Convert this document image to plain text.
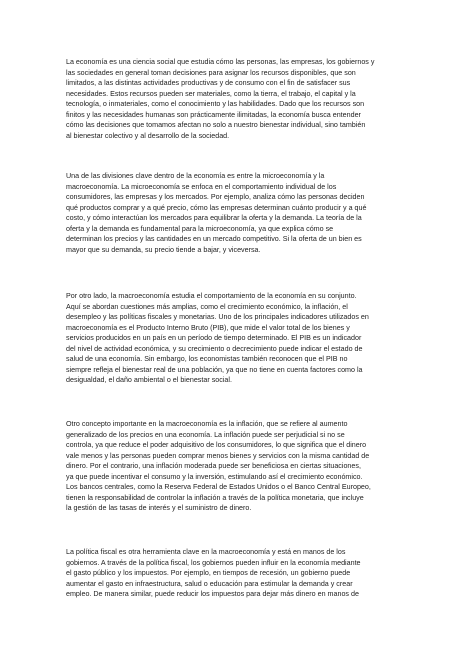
La economía es una ciencia social que estudia cómo las personas, las empresas, los gobiernos y
las sociedades en general toman decisiones para asignar los recursos disponibles, que son
limitados, a las distintas actividades productivas y de consumo con el fin de satisfacer sus
necesidades. Estos recursos pueden ser materiales, como la tierra, el trabajo, el capital y la
tecnología, o inmateriales, como el conocimiento y las habilidades. Dado que los recursos son
finitos y las necesidades humanas son prácticamente ilimitadas, la economía busca entender
cómo las decisiones que tomamos afectan no solo a nuestro bienestar individual, sino también
al bienestar colectivo y al desarrollo de la sociedad.

Una de las divisiones clave dentro de la economía es entre la microeconomía y la
macroeconomía. La microeconomía se enfoca en el comportamiento individual de los
consumidores, las empresas y los mercados. Por ejemplo, analiza cómo las personas deciden
qué productos comprar y a qué precio, cómo las empresas determinan cuánto producir y a qué
costo, y cómo interactúan los mercados para equilibrar la oferta y la demanda. La teoría de la
oferta y la demanda es fundamental para la microeconomía, ya que explica cómo se
determinan los precios y las cantidades en un mercado competitivo. Si la oferta de un bien es
mayor que su demanda, su precio tiende a bajar, y viceversa.

Por otro lado, la macroeconomía estudia el comportamiento de la economía en su conjunto.
Aquí se abordan cuestiones más amplias, como el crecimiento económico, la inflación, el
desempleo y las políticas fiscales y monetarias. Uno de los principales indicadores utilizados en
macroeconomía es el Producto Interno Bruto (PIB), que mide el valor total de los bienes y
servicios producidos en un país en un período de tiempo determinado. El PIB es un indicador
del nivel de actividad económica, y su crecimiento o decrecimiento puede indicar el estado de
salud de una economía. Sin embargo, los economistas también reconocen que el PIB no
siempre refleja el bienestar real de una población, ya que no tiene en cuenta factores como la
desigualdad, el daño ambiental o el bienestar social.

Otro concepto importante en la macroeconomía es la inflación, que se refiere al aumento
generalizado de los precios en una economía. La inflación puede ser perjudicial si no se
controla, ya que reduce el poder adquisitivo de los consumidores, lo que significa que el dinero
vale menos y las personas pueden comprar menos bienes y servicios con la misma cantidad de
dinero. Por el contrario, una inflación moderada puede ser beneficiosa en ciertas situaciones,
ya que puede incentivar el consumo y la inversión, estimulando así el crecimiento económico.
Los bancos centrales, como la Reserva Federal de Estados Unidos o el Banco Central Europeo,
tienen la responsabilidad de controlar la inflación a través de la política monetaria, que incluye
la gestión de las tasas de interés y el suministro de dinero.

La política fiscal es otra herramienta clave en la macroeconomía y está en manos de los
gobiernos. A través de la política fiscal, los gobiernos pueden influir en la economía mediante
el gasto público y los impuestos. Por ejemplo, en tiempos de recesión, un gobierno puede
aumentar el gasto en infraestructura, salud o educación para estimular la demanda y crear
empleo. De manera similar, puede reducir los impuestos para dejar más dinero en manos de
